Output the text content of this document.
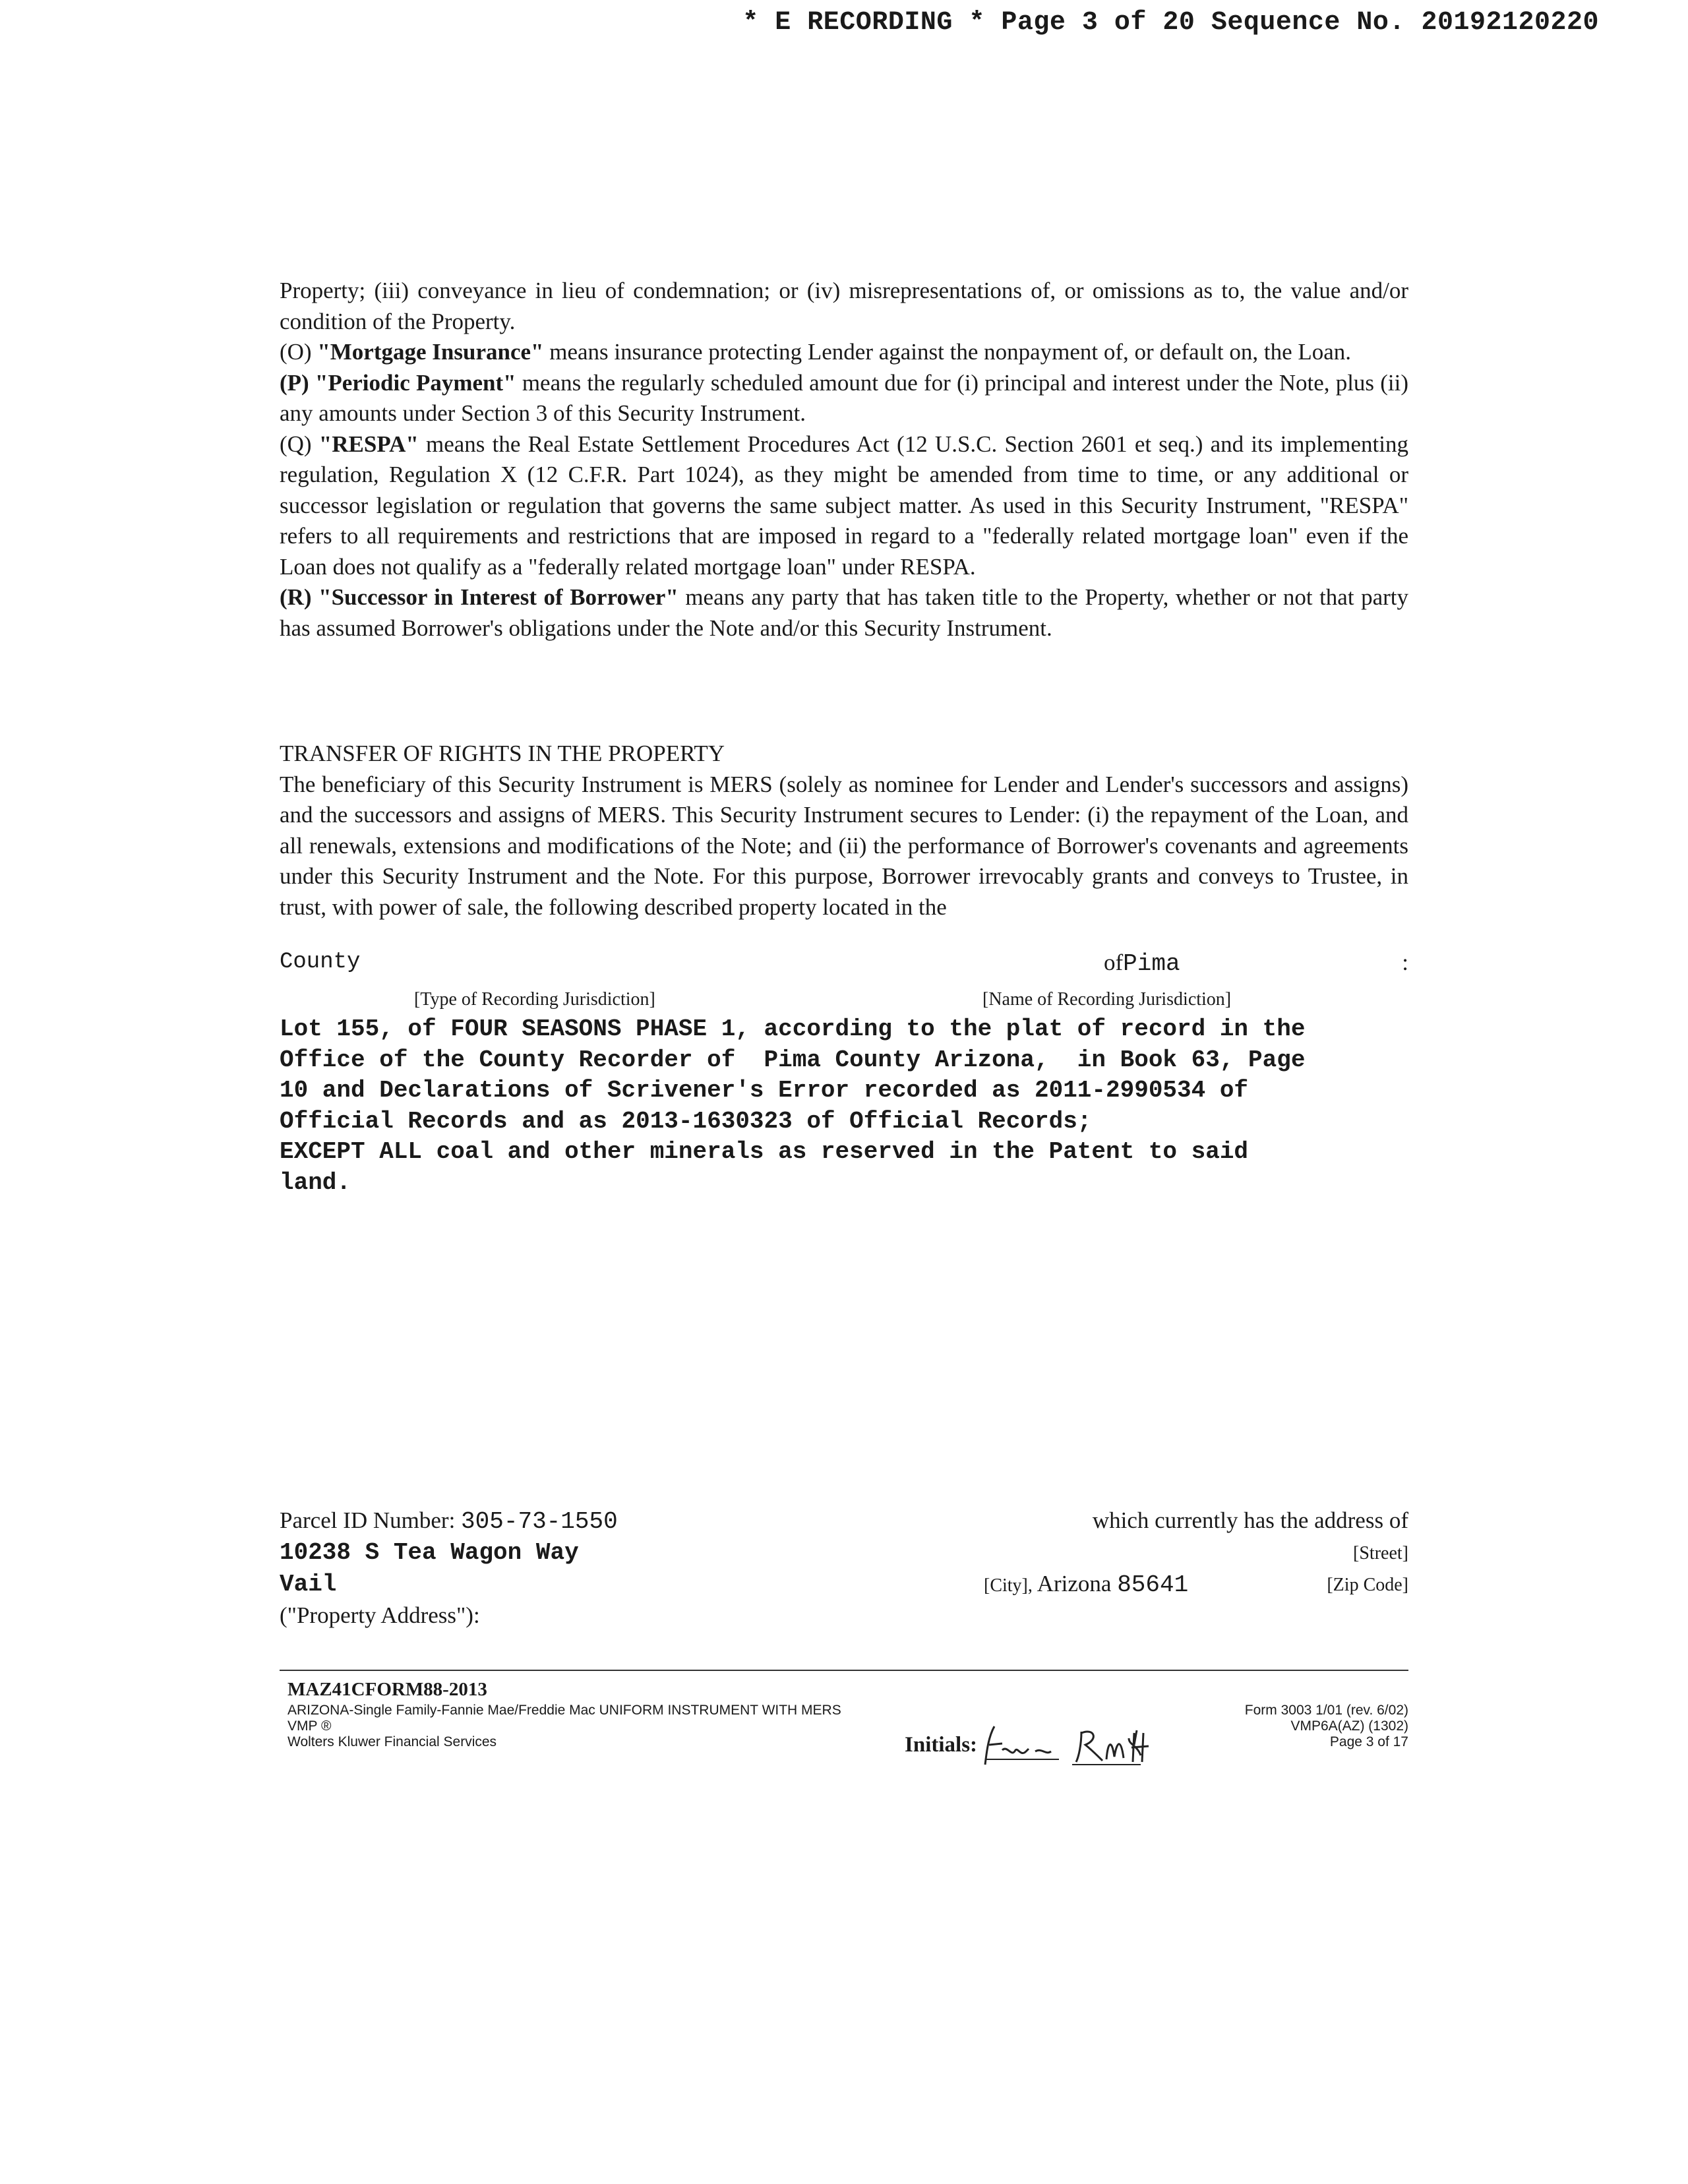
* E RECORDING * Page 3 of 20 Sequence No. 20192120220

Property; (iii) conveyance in lieu of condemnation; or (iv) misrepresentations of, or omissions as to, the value and/or condition of the Property.

(O) "Mortgage Insurance" means insurance protecting Lender against the nonpayment of, or default on, the Loan.

(P) "Periodic Payment" means the regularly scheduled amount due for (i) principal and interest under the Note, plus (ii) any amounts under Section 3 of this Security Instrument.

(Q) "RESPA" means the Real Estate Settlement Procedures Act (12 U.S.C. Section 2601 et seq.) and its implementing regulation, Regulation X (12 C.F.R. Part 1024), as they might be amended from time to time, or any additional or successor legislation or regulation that governs the same subject matter. As used in this Security Instrument, "RESPA" refers to all requirements and restrictions that are imposed in regard to a "federally related mortgage loan" even if the Loan does not qualify as a "federally related mortgage loan" under RESPA.

(R) "Successor in Interest of Borrower" means any party that has taken title to the Property, whether or not that party has assumed Borrower's obligations under the Note and/or this Security Instrument.

TRANSFER OF RIGHTS IN THE PROPERTY

The beneficiary of this Security Instrument is MERS (solely as nominee for Lender and Lender's successors and assigns) and the successors and assigns of MERS. This Security Instrument secures to Lender: (i) the repayment of the Loan, and all renewals, extensions and modifications of the Note; and (ii) the performance of Borrower's covenants and agreements under this Security Instrument and the Note. For this purpose, Borrower irrevocably grants and conveys to Trustee, in trust, with power of sale, the following described property located in the

County	ofPima	:
[Type of Recording Jurisdiction]	[Name of Recording Jurisdiction]
Lot 155, of FOUR SEASONS PHASE 1, according to the plat of record in the
Office of the County Recorder of  Pima County Arizona,  in Book 63, Page
10 and Declarations of Scrivener's Error recorded as 2011-2990534 of
Official Records and as 2013-1630323 of Official Records;
EXCEPT ALL coal and other minerals as reserved in the Patent to said
land.
Parcel ID Number: 305-73-1550	which currently has the address of
10238 S Tea Wagon Way	[Street]
Vail	[City], Arizona 85641	[Zip Code]
("Property Address"):
MAZ41CFORM88-2013
ARIZONA-Single Family-Fannie Mae/Freddie Mac UNIFORM INSTRUMENT WITH MERS
VMP ®
Wolters Kluwer Financial Services	Initials:
Form 3003 1/01 (rev. 6/02)
VMP6A(AZ) (1302)
Page 3 of 17
